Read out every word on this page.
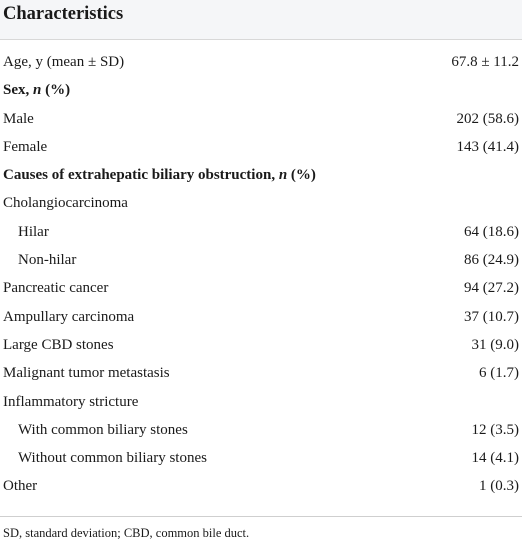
Characteristics
Age, y (mean ± SD)	67.8 ± 11.2
Sex, n (%)
Male	202 (58.6)
Female	143 (41.4)
Causes of extrahepatic biliary obstruction, n (%)
Cholangiocarcinoma
Hilar	64 (18.6)
Non-hilar	86 (24.9)
Pancreatic cancer	94 (27.2)
Ampullary carcinoma	37 (10.7)
Large CBD stones	31 (9.0)
Malignant tumor metastasis	6 (1.7)
Inflammatory stricture
With common biliary stones	12 (3.5)
Without common biliary stones	14 (4.1)
Other	1 (0.3)
SD, standard deviation; CBD, common bile duct.
